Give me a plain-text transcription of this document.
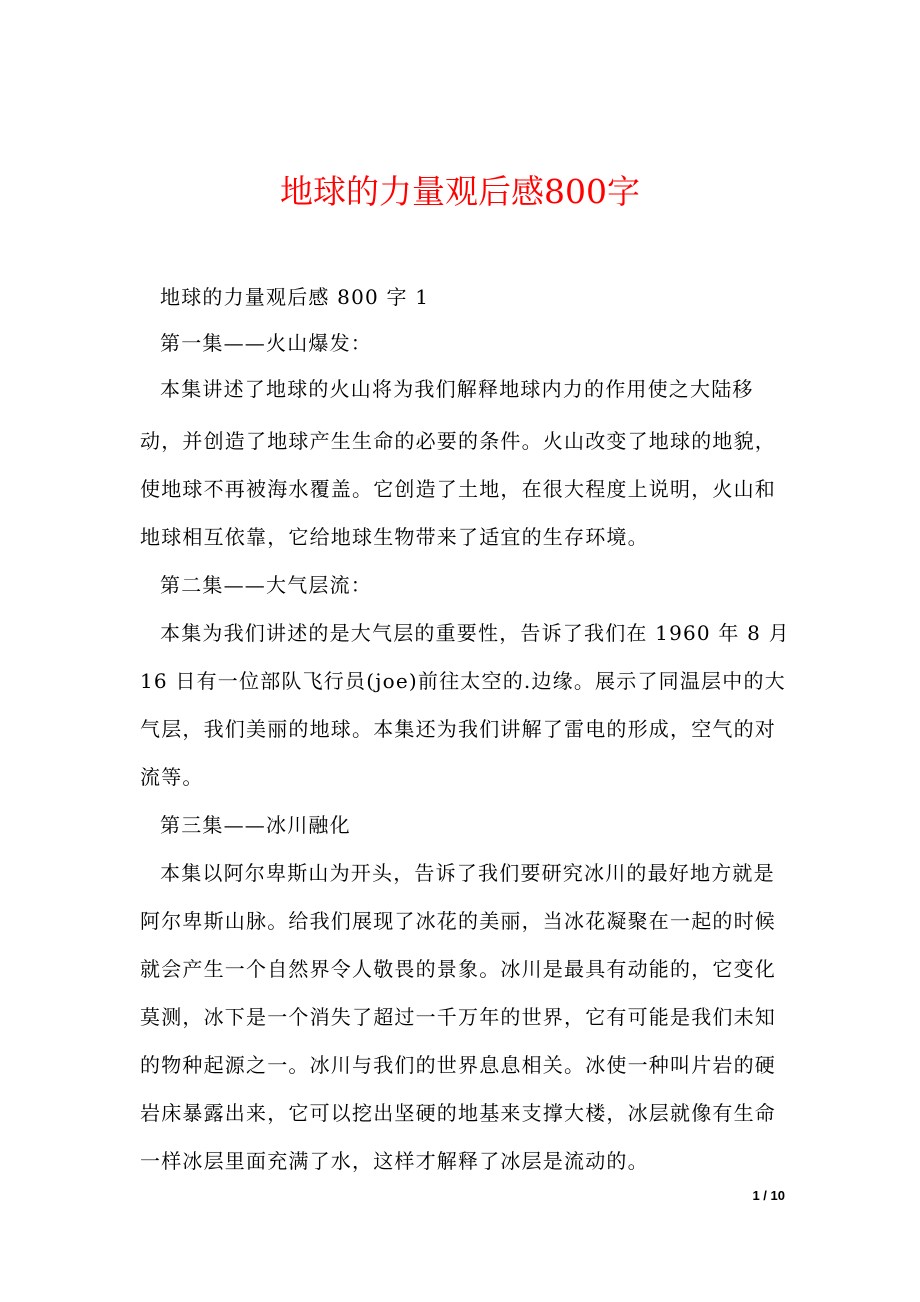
地球的力量观后感800字
地球的力量观后感 800 字 1
第一集——火山爆发：
本集讲述了地球的火山将为我们解释地球内力的作用使之大陆移
动，并创造了地球产生生命的必要的条件。火山改变了地球的地貌，
使地球不再被海水覆盖。它创造了土地，在很大程度上说明，火山和
地球相互依靠，它给地球生物带来了适宜的生存环境。
第二集——大气层流：
本集为我们讲述的是大气层的重要性，告诉了我们在 1960 年 8 月
16 日有一位部队飞行员(joe)前往太空的.边缘。展示了同温层中的大
气层，我们美丽的地球。本集还为我们讲解了雷电的形成，空气的对
流等。
第三集——冰川融化
本集以阿尔卑斯山为开头，告诉了我们要研究冰川的最好地方就是
阿尔卑斯山脉。给我们展现了冰花的美丽，当冰花凝聚在一起的时候
就会产生一个自然界令人敬畏的景象。冰川是最具有动能的，它变化
莫测，冰下是一个消失了超过一千万年的世界，它有可能是我们未知
的物种起源之一。冰川与我们的世界息息相关。冰使一种叫片岩的硬
岩床暴露出来，它可以挖出坚硬的地基来支撑大楼，冰层就像有生命
一样冰层里面充满了水，这样才解释了冰层是流动的。
1 / 10
